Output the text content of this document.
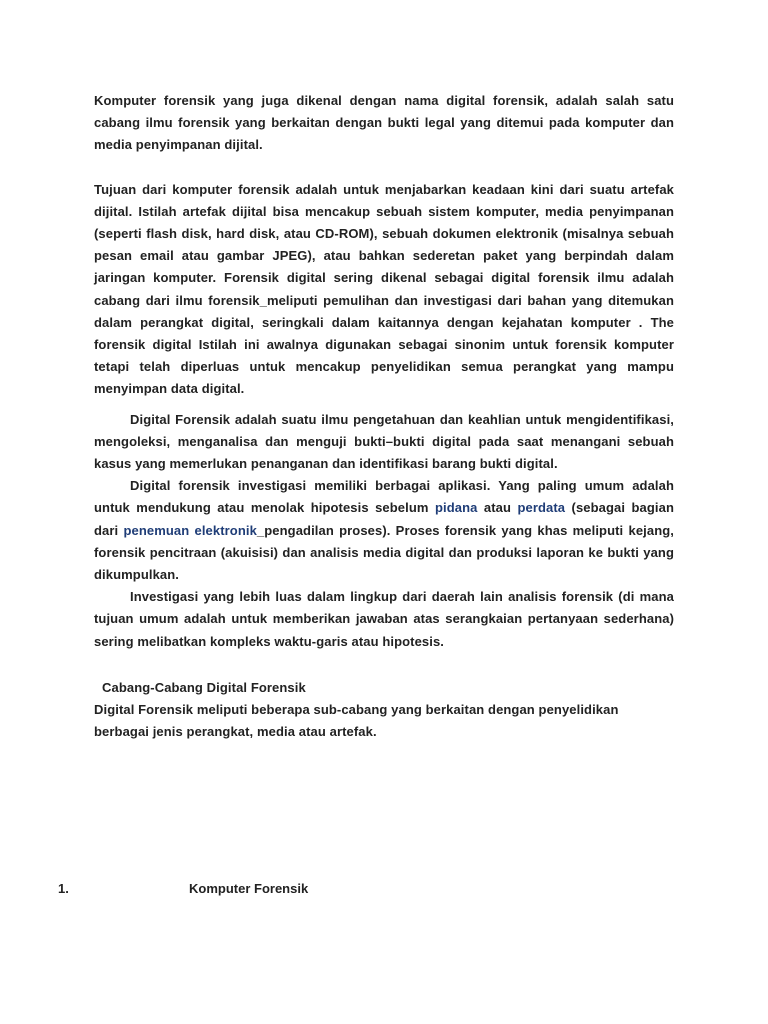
Komputer forensik yang juga dikenal dengan nama digital forensik, adalah salah satu cabang ilmu forensik yang berkaitan dengan bukti legal yang ditemui pada komputer dan media penyimpanan dijital.

Tujuan dari komputer forensik adalah untuk menjabarkan keadaan kini dari suatu artefak dijital. Istilah artefak dijital bisa mencakup sebuah sistem komputer, media penyimpanan (seperti flash disk, hard disk, atau CD-ROM), sebuah dokumen elektronik (misalnya sebuah pesan email atau gambar JPEG), atau bahkan sederetan paket yang berpindah dalam jaringan komputer. Forensik digital sering dikenal sebagai digital forensik ilmu adalah cabang dari ilmu forensik_meliputi pemulihan dan investigasi dari bahan yang ditemukan dalam perangkat digital, seringkali dalam kaitannya dengan kejahatan komputer . The forensik digital Istilah ini awalnya digunakan sebagai sinonim untuk forensik komputer tetapi telah diperluas untuk mencakup penyelidikan semua perangkat yang mampu menyimpan data digital.

Digital Forensik adalah suatu ilmu pengetahuan dan keahlian untuk mengidentifikasi, mengoleksi, menganalisa dan menguji bukti–bukti digital pada saat menangani sebuah kasus yang memerlukan penanganan dan identifikasi barang bukti digital.

Digital forensik investigasi memiliki berbagai aplikasi. Yang paling umum adalah untuk mendukung atau menolak hipotesis sebelum pidana atau perdata (sebagai bagian dari penemuan elektronik_pengadilan proses). Proses forensik yang khas meliputi kejang, forensik pencitraan (akuisisi) dan analisis media digital dan produksi laporan ke bukti yang dikumpulkan.

Investigasi yang lebih luas dalam lingkup dari daerah lain analisis forensik (di mana tujuan umum adalah untuk memberikan jawaban atas serangkaian pertanyaan sederhana) sering melibatkan kompleks waktu-garis atau hipotesis.

Cabang-Cabang Digital Forensik

Digital Forensik meliputi beberapa sub-cabang yang berkaitan dengan penyelidikan berbagai jenis perangkat, media atau artefak.

1.	Komputer Forensik
